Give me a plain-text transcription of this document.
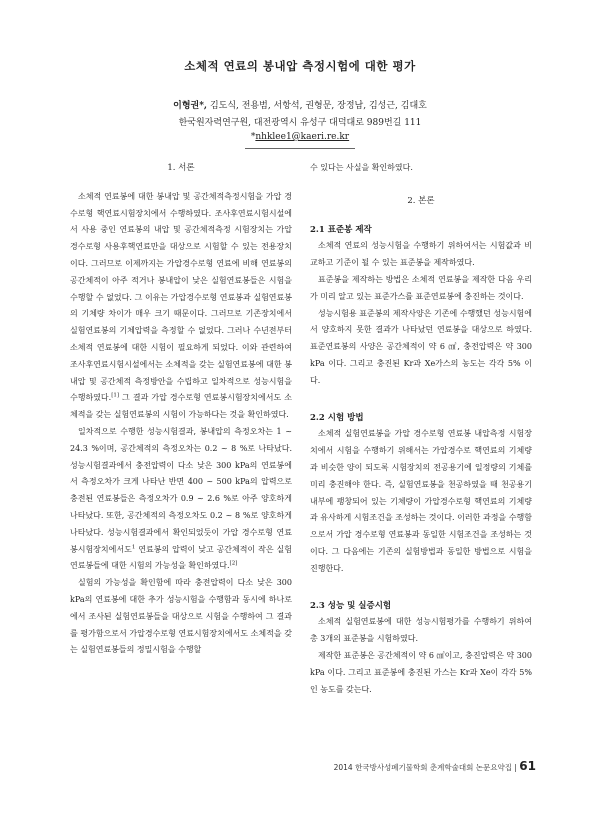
소체적 연료의 봉내압 측정시험에 대한 평가
이형권*, 김도식, 전용범, 서항석, 권형문, 장정남, 김성근, 김대호
한국원자력연구원, 대전광역시 유성구 대덕대로 989번길 111
*nhklee1@kaeri.re.kr
1. 서론
소체적 연료봉에 대한 봉내압 및 공간체적측정시험을 가압 경수로형 핵연료시험장치에서 수행하였다. 조사후연료시험시설에서 사용 중인 연료봉의 내압 및 공간체적측정 시험장치는 가압 경수로형 사용후핵연료만을 대상으로 시험할 수 있는 전용장치이다. 그러므로 이제까지는 가압경수로형 연료에 비해 연료봉의 공간체적이 아주 적거나 봉내압이 낮은 실험연료봉들은 시험을 수행할 수 없었다. 그 이유는 가압경수로형 연료봉과 실험연료봉의 기체량 차이가 매우 크기 때문이다. 그러므로 기존장치에서 실험연료봉의 기체압력을 측정할 수 없었다. 그러나 수년전부터 소체적 연료봉에 대한 시험이 필요하게 되었다. 이와 관련하여 조사후연료시험시설에서는 소체적을 갖는 실험연료봉에 대한 봉내압 및 공간체적 측정방안을 수립하고 일차적으로 성능시험을 수행하였다.[1] 그 결과 가압 경수로형 연료봉시험장치에서도 소체적을 갖는 실험연료봉의 시험이 가능하다는 것을 확인하였다.
일차적으로 수행한 성능시험결과, 봉내압의 측정오차는 1 ~ 24.3 %이며, 공간체적의 측정오차는 0.2 ~ 8 %로 나타났다. 성능시험결과에서 충전압력이 다소 낮은 300 kPa의 연료봉에서 측정오차가 크게 나타난 반면 400 ~ 500 kPa의 압력으로 충전된 연료봉들은 측정오차가 0.9 ~ 2.6 %로 아주 양호하게 나타났다. 또한, 공간체적의 측정오차도 0.2 ~ 8 %로 양호하게 나타났다. 성능시험결과에서 확인되었듯이 가압 경수로형 연료봉시험장치에서도$^1$ 연료봉의 압력이 낮고 공간체적이 작은 실험연료봉들에 대한 시험의 가능성을 확인하였다.[2]
실험의 가능성을 확인함에 따라 충전압력이 다소 낮은 300 kPa의 연료봉에 대한 추가 성능시험을 수행함과 동시에 하나로에서 조사된 실험연료봉들을 대상으로 시험을 수행하여 그 결과를 평가함으로서 가압경수로형 연료시험장치에서도 소체적을 갖는 실험연료봉들의 정밀시험을 수행할
수 있다는 사실을 확인하였다.
2. 본론
2.1 표준봉 제작
소체적 연료의 성능시험을 수행하기 위하여서는 시험값과 비교하고 기준이 될 수 있는 표준봉을 제작하였다.
표준봉을 제작하는 방법은 소체적 연료봉을 제작한 다음 우리가 미리 알고 있는 표준가스를 표준연료봉에 충진하는 것이다.
성능시험용 표준봉의 제작사양은 기존에 수행했던 성능시험에서 양호하지 못한 결과가 나타났던 연료봉을 대상으로 하였다. 표준연료봉의 사양은 공간체적이 약 6 ㎤, 충전압력은 약 300 kPa 이다. 그리고 충진된 Kr과 Xe가스의 농도는 각각 5% 이다.
2.2 시험 방법
소체적 실험연료봉을 가압 경수로형 연료봉 내압측정 시험장치에서 시험을 수행하기 위해서는 가압경수로 핵연료의 기체량과 비슷한 양이 되도록 시험장치의 전공용기에 일정량의 기체를 미리 충진해야 한다. 즉, 실험연료봉을 천공하였을 때 천공용기내부에 팽창되어 있는 기체량이 가압경수로형 핵연료의 기체량과 유사하게 시험조건을 조성하는 것이다. 이러한 과정을 수행함으로서 가압 경수로형 연료봉과 동일한 시험조건을 조성하는 것이다. 그 다음에는 기존의 실험방법과 동일한 방법으로 시험을 진행한다.
2.3 성능 및 실증시험
소체적 실험연료봉에 대한 성능시험평가를 수행하기 위하여 총 3개의 표준봉을 시험하였다.
제작한 표준봉은 공간체적이 약 6 ㎤이고, 충진압력은 약 300 kPa 이다. 그리고 표준봉에 충진된 가스는 Kr과 Xe이 각각 5%인 농도를 갖는다.
2014 한국방사성폐기물학회 춘계학술대회 논문요약집 | 61
